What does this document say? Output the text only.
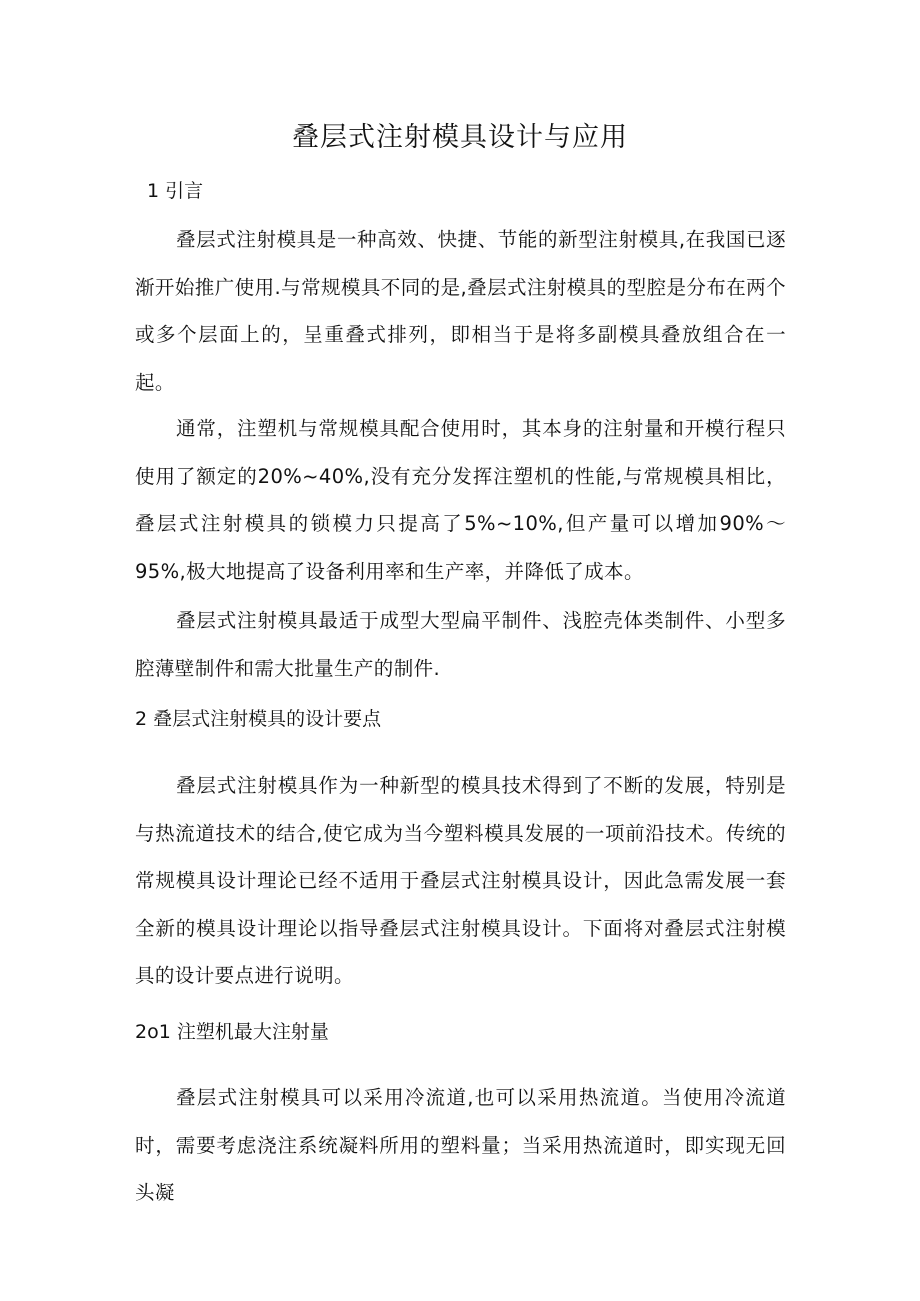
叠层式注射模具设计与应用
1 引言

叠层式注射模具是一种高效、快捷、节能的新型注射模具,在我国已逐渐开始推广使用.与常规模具不同的是,叠层式注射模具的型腔是分布在两个或多个层面上的，呈重叠式排列，即相当于是将多副模具叠放组合在一起。

通常，注塑机与常规模具配合使用时，其本身的注射量和开模行程只使用了额定的20%~40%,没有充分发挥注塑机的性能,与常规模具相比，叠层式注射模具的锁模力只提高了5%~10%,但产量可以增加90%～95%,极大地提高了设备利用率和生产率，并降低了成本。

叠层式注射模具最适于成型大型扁平制件、浅腔壳体类制件、小型多腔薄壁制件和需大批量生产的制件.

2 叠层式注射模具的设计要点

叠层式注射模具作为一种新型的模具技术得到了不断的发展，特别是与热流道技术的结合,使它成为当今塑料模具发展的一项前沿技术。传统的常规模具设计理论已经不适用于叠层式注射模具设计，因此急需发展一套全新的模具设计理论以指导叠层式注射模具设计。下面将对叠层式注射模具的设计要点进行说明。

2o1 注塑机最大注射量

叠层式注射模具可以采用冷流道,也可以采用热流道。当使用冷流道时，需要考虑浇注系统凝料所用的塑料量；当采用热流道时，即实现无回头凝
